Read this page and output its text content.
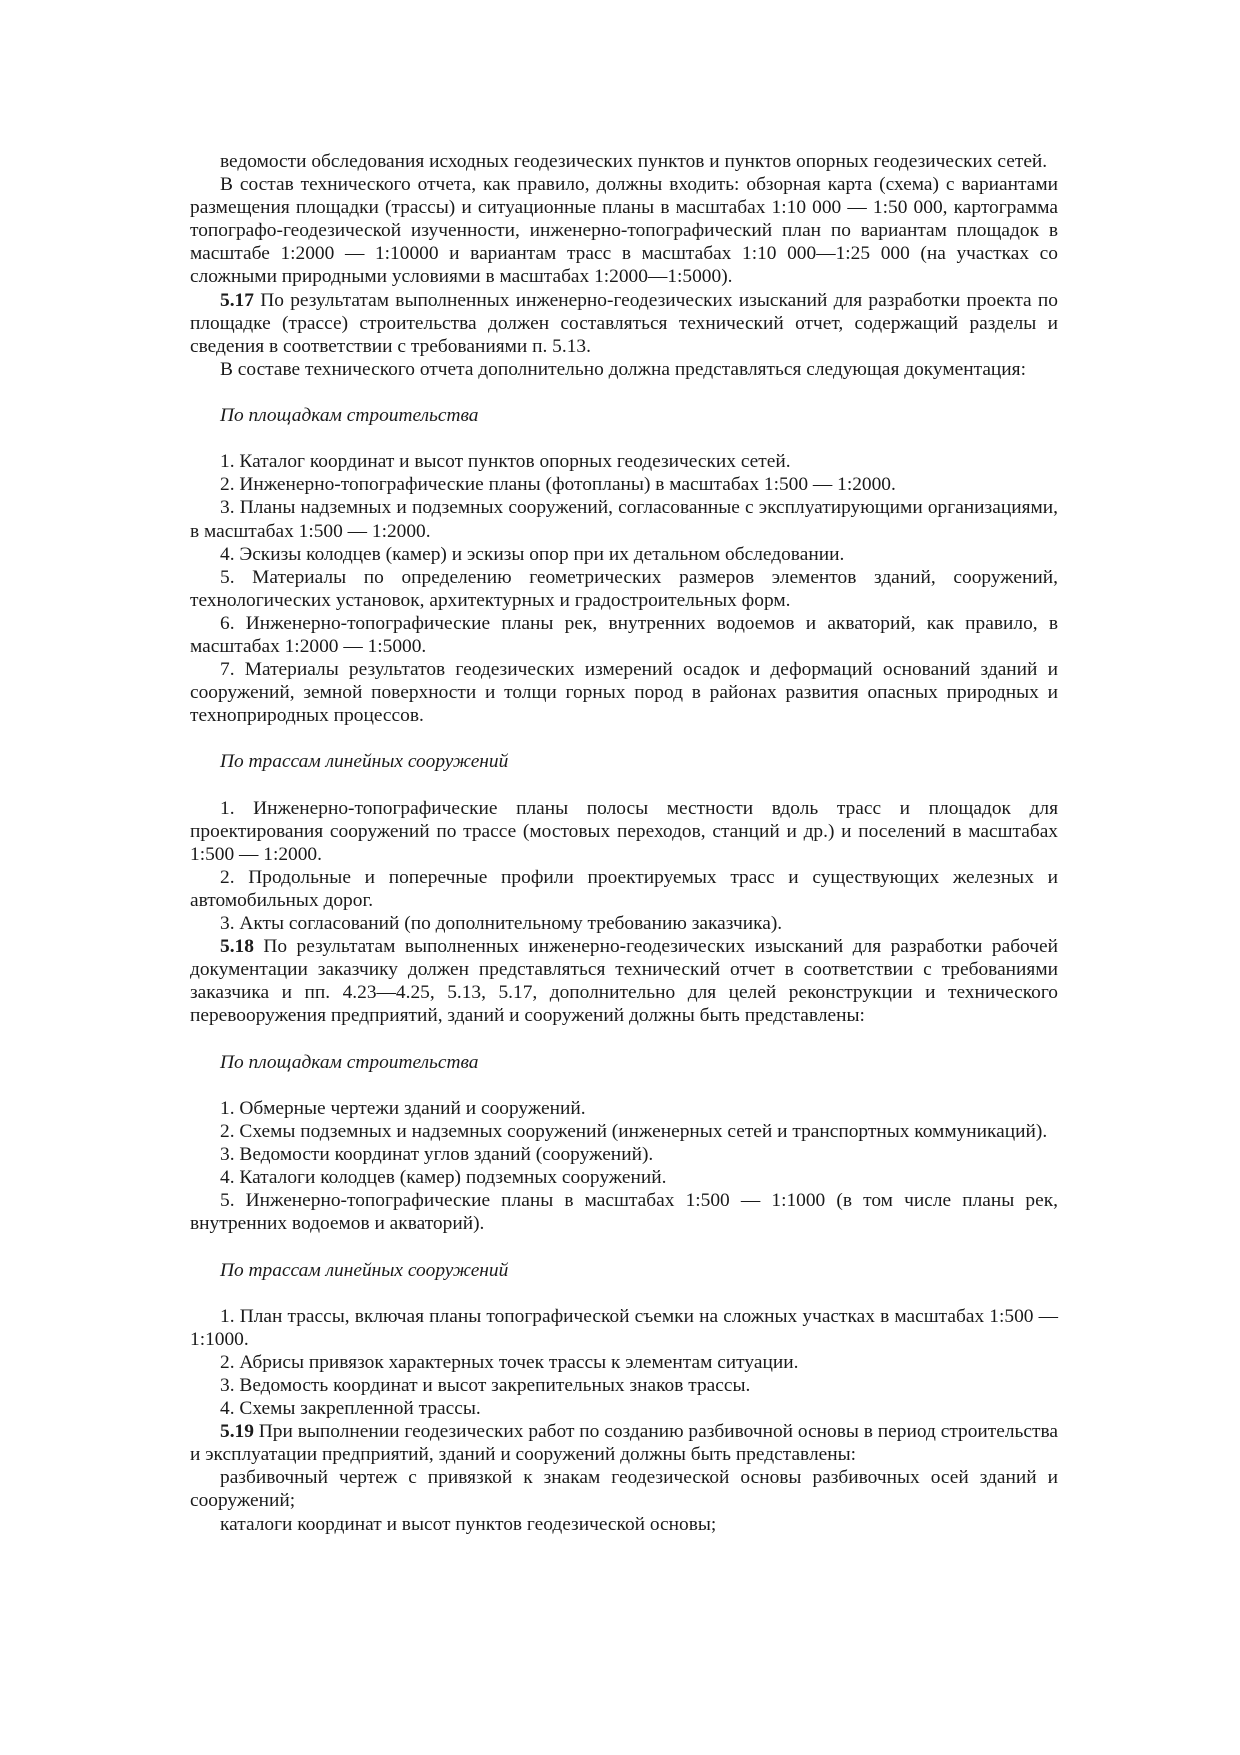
ведомости обследования исходных геодезических пунктов и пунктов опорных геодезических сетей.

В состав технического отчета, как правило, должны входить: обзорная карта (схема) с вариантами размещения площадки (трассы) и ситуационные планы в масштабах 1:10 000 — 1:50 000, картограмма топографо-геодезической изученности, инженерно-топографический план по вариантам площадок в масштабе 1:2000 — 1:10000 и вариантам трасс в масштабах 1:10 000—1:25 000 (на участках со сложными природными условиями в масштабах 1:2000—1:5000).

5.17 По результатам выполненных инженерно-геодезических изысканий для разработки проекта по площадке (трассе) строительства должен составляться технический отчет, содержащий разделы и сведения в соответствии с требованиями п. 5.13.

В составе технического отчета дополнительно должна представляться следующая документация:

По площадкам строительства

1. Каталог координат и высот пунктов опорных геодезических сетей.

2. Инженерно-топографические планы (фотопланы) в масштабах 1:500 — 1:2000.

3. Планы надземных и подземных сооружений, согласованные с эксплуатирующими организациями, в масштабах 1:500 — 1:2000.

4. Эскизы колодцев (камер) и эскизы опор при их детальном обследовании.

5. Материалы по определению геометрических размеров элементов зданий, сооружений, технологических установок, архитектурных и градостроительных форм.

6. Инженерно-топографические планы рек, внутренних водоемов и акваторий, как правило, в масштабах 1:2000 — 1:5000.

7. Материалы результатов геодезических измерений осадок и деформаций оснований зданий и сооружений, земной поверхности и толщи горных пород в районах развития опасных природных и техноприродных процессов.

По трассам линейных сооружений

1. Инженерно-топографические планы полосы местности вдоль трасс и площадок для проектирования сооружений по трассе (мостовых переходов, станций и др.) и поселений в масштабах 1:500 — 1:2000.

2. Продольные и поперечные профили проектируемых трасс и существующих железных и автомобильных дорог.

3. Акты согласований (по дополнительному требованию заказчика).

5.18 По результатам выполненных инженерно-геодезических изысканий для разработки рабочей документации заказчику должен представляться технический отчет в соответствии с требованиями заказчика и пп. 4.23—4.25, 5.13, 5.17, дополнительно для целей реконструкции и технического перевооружения предприятий, зданий и сооружений должны быть представлены:

По площадкам строительства

1. Обмерные чертежи зданий и сооружений.

2. Схемы подземных и надземных сооружений (инженерных сетей и транспортных коммуникаций).

3. Ведомости координат углов зданий (сооружений).

4. Каталоги колодцев (камер) подземных сооружений.

5. Инженерно-топографические планы в масштабах 1:500 — 1:1000 (в том числе планы рек, внутренних водоемов и акваторий).

По трассам линейных сооружений

1. План трассы, включая планы топографической съемки на сложных участках в масштабах 1:500 — 1:1000.

2. Абрисы привязок характерных точек трассы к элементам ситуации.

3. Ведомость координат и высот закрепительных знаков трассы.

4. Схемы закрепленной трассы.

5.19 При выполнении геодезических работ по созданию разбивочной основы в период строительства и эксплуатации предприятий, зданий и сооружений должны быть представлены:

разбивочный чертеж с привязкой к знакам геодезической основы разбивочных осей зданий и сооружений;

каталоги координат и высот пунктов геодезической основы;
